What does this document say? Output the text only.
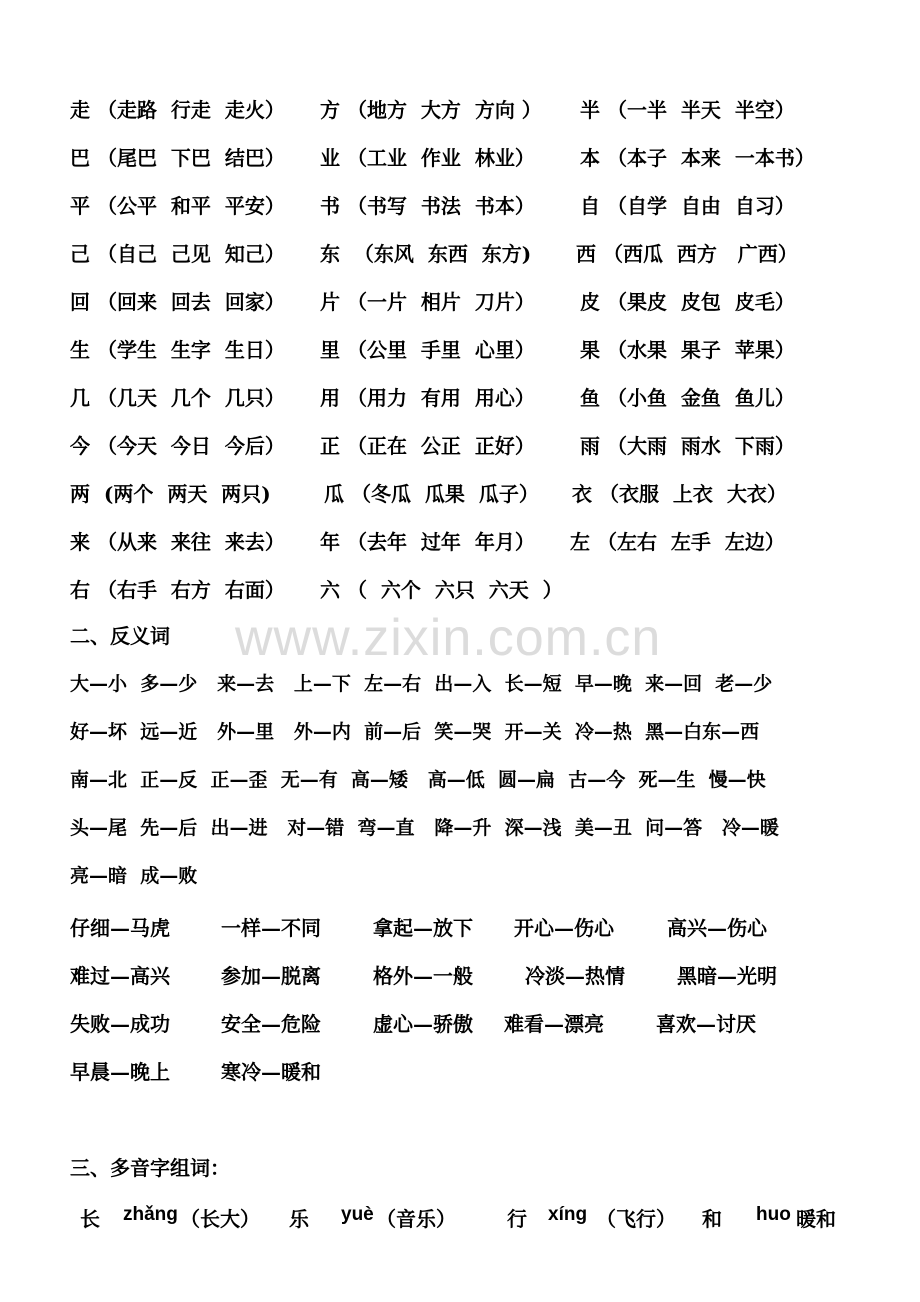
走 （走路  行走  走火） 方 （地方  大方  方向 ） 半 （一半  半天  半空）
巴 （尾巴  下巴  结巴） 业 （工业  作业  林业） 本 （本子  本来  一本书）
平 （公平  和平  平安） 书 （书写  书法  书本） 自 （自学  自由  自习）
己 （自己  己见  知己） 东  （东风  东西  东方) 西 （西瓜  西方   广西）
回 （回来  回去  回家） 片 （一片  相片  刀片） 皮 （果皮  皮包  皮毛）
生 （学生  生字  生日） 里 （公里  手里  心里） 果 （水果  果子  苹果）
几 （几天  几个  几只） 用 （用力  有用  用心） 鱼 （小鱼  金鱼  鱼儿）
今 （今天  今日  今后） 正 （正在  公正  正好） 雨 （大雨  雨水  下雨）
两  (两个  两天  两只)	瓜 （冬瓜  瓜果  瓜子） 衣 （衣服  上衣  大衣）
来 （从来  来往  来去） 年 （去年  过年  年月） 左 （左右  左手  左边）
右 （右手  右方  右面） 六 （  六个  六只  六天  ）
www.zixin.com.cn
二、反义词
大—小  多—少   来—去   上—下  左—右  出—入  长—短  早—晚  来—回  老—少
好—坏  远—近   外—里   外—内  前—后  笑—哭  开—关  冷—热  黑—白东—西
南—北  正—反  正—歪  无—有  高—矮   高—低  圆—扁  古—今  死—生  慢—快
头—尾  先—后  出—进   对—错  弯—直   降—升  深—浅  美—丑  问—答   冷—暖
亮—暗  成—败
仔细—马虎	一样—不同	拿起—放下 开心—伤心	高兴—伤心
难过—高兴	参加—脱离	格外—一般	冷淡—热情	黑暗—光明
失败—成功	安全—危险	虚心—骄傲 难看—漂亮	喜欢—讨厌
早晨—晚上	寒冷—暖和
三、多音字组词：
长 zhǎng （长大） 乐 yuè （音乐）	行 xíng （飞行） 和 huo 暖和
